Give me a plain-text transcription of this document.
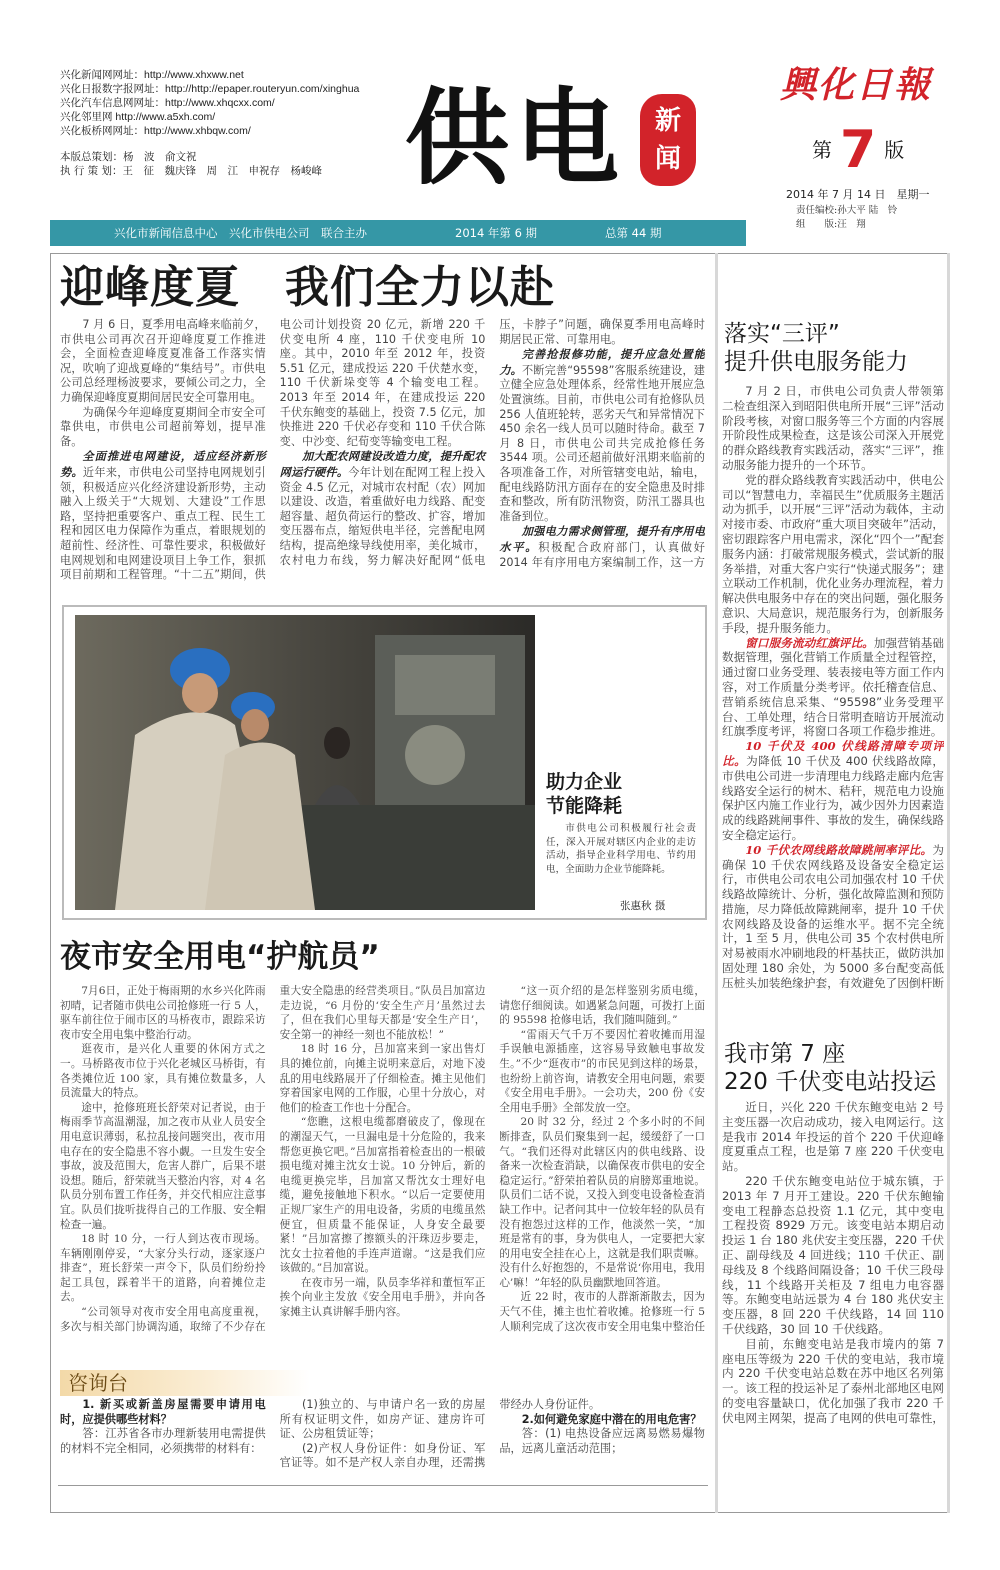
兴化新闻网网址：http://www.xhxww.net
兴化日报数字报网址：http://http://epaper.routeryun.com/xinghua
兴化汽车信息网网址：http://www.xhqcxx.com/
兴化邻里网 http://www.a5xh.com/
兴化板桥网网址：http://www.xhbqw.com/
本版总策划：杨　波　俞文祝
执 行 策 划：王　征　魏庆锋　周　江　申祝存　杨峻峰 供电	新
闻
興化日報
第 7 版
2014 年 7 月 14 日　星期一
责任编校:孙大平 陆　铃
组　　版:汪　翔
兴化市新闻信息中心　兴化市供电公司　联合主办	2014 年第 6 期	总第 44 期
迎峰度夏　我们全力以赴

7 月 6 日，夏季用电高峰来临前夕，市供电公司再次召开迎峰度夏工作推进会，全面检查迎峰度夏准备工作落实情况，吹响了迎战夏峰的“集结号”。市供电公司总经理杨波要求，要倾公司之力，全力确保迎峰度夏期间居民安全可靠用电。

为确保今年迎峰度夏期间全市安全可靠供电，市供电公司超前筹划，提早准备。

全面推进电网建设，适应经济新形势。近年来，市供电公司坚持电网规划引领，积极适应兴化经济建设新形势，主动融入上级关于“大规划、大建设”工作思路，坚持把重要客户、重点工程、民生工程和园区电力保障作为重点，着眼规划的超前性、经济性、可靠性要求，积极做好电网规划和电网建设项目上争工作，狠抓项目前期和工程管理。“十二五”期间，供电公司计划投资 20 亿元，新增 220 千伏变电所 4 座，110 千伏变电所 10 座。其中，2010 年至 2012 年，投资 5.51 亿元，建成投运 220 千伏楚水变，110 千伏新垛变等 4 个输变电工程。2013 年至 2014 年，在建成投运 220 千伏东鲍变的基础上，投资 7.5 亿元，加快推进 220 千伏必存变和 110 千伏合陈变、中沙变、纪荀变等输变电工程。

加大配农网建设改造力度，提升配农网运行硬件。今年计划在配网工程上投入资金 4.5 亿元，对城市农村配（农）网加以建设、改造，着重做好电力线路、配变超容量、超负荷运行的整改、扩容，增加变压器布点，缩短供电半径，完善配电网结构，提高绝缘导线使用率，美化城市，农村电力布线，努力解决好配网“低电压，卡脖子”问题，确保夏季用电高峰时期居民正常、可靠用电。

完善抢报修功能，提升应急处置能力。不断完善“95598”客服系统建设，建立健全应急处理体系，经常性地开展应急处置演练。目前，市供电公司有抢修队员 256 人值班轮转，恶劣天气和异常情况下 450 余名一线人员可以随时待命。截至 7 月 8 日，市供电公司共完成抢修任务 3544 项。公司还超前做好汛期来临前的各项准备工作，对所管辖变电站，输电，配电线路防汛方面存在的安全隐患及时排查和整改，所有防汛物资，防汛工器具也准备到位。

加强电力需求侧管理，提升有序用电水平。积极配合政府部门，认真做好 2014 年有序用电方案编制工作，这一方

助力企业
节能降耗
市供电公司积极履行社会责任，深入开展对辖区内企业的走访活动，指导企业科学用电、节约用电，全面助力企业节能降耗。
张惠秋 摄
夜市安全用电“护航员”

7月6日，正处于梅雨期的水乡兴化阵雨初晴，记者随市供电公司抢修班一行 5 人，驱车前往位于闹市区的马桥夜市，跟踪采访夜市安全用电集中整治行动。

逛夜市，是兴化人重要的休闲方式之一。马桥路夜市位于兴化老城区马桥街，有各类摊位近 100 家，具有摊位数量多，人员流量大的特点。

途中，抢修班班长舒荣对记者说，由于梅雨季节高温潮湿，加之夜市从业人员安全用电意识薄弱，私拉乱接问题突出，夜市用电存在的安全隐患不容小觑。一旦发生安全事故，波及范围大，危害人群广，后果不堪设想。随后，舒荣就当天整治内容，对 4 名队员分别布置工作任务，并交代相应注意事宜。队员们拢听拢得自己的工作服、安全帽检查一遍。

18 时 10 分，一行人到达夜市现场。车辆刚刚停妥，“大家分头行动，逐家逐户排查”，班长舒荣一声令下，队员们纷纷拎起工具包，踩着半干的道路，向着摊位走去。

“公司领导对夜市安全用电高度重视，多次与相关部门协调沟通，取缔了不少存在重大安全隐患的经营类项目。”队员吕加富边走边说，“6 月份的‘安全生产月’虽然过去了，但在我们心里每天都是‘安全生产日’，安全第一的神经一刻也不能放松！”

18 时 16 分，吕加富来到一家出售灯具的摊位前，向摊主说明来意后，对地下凌乱的用电线路展开了仔细检查。摊主见他们穿着国家电网的工作服，心里十分放心，对他们的检查工作也十分配合。

“您瞧，这根电缆都磨破皮了，像现在的潮湿天气，一旦漏电是十分危险的，我来帮您更换它吧。”吕加富指着检查出的一根破损电缆对摊主沈女士说。10 分钟后，新的电缆更换完毕，吕加富又帮沈女士理好电缆，避免接触地下积水。“以后一定要使用正规厂家生产的用电设备，劣质的电缆虽然便宜，但质量不能保证，人身安全最要紧！”吕加富擦了擦额头的汗珠迈步要走，沈女士拉着他的手连声道谢。“这是我们应该做的。”吕加富说。

在夜市另一端，队员李华祥和董恒军正挨个向业主发放《安全用电手册》，并向各家摊主认真讲解手册内容。

“这一页介绍的是怎样鉴别劣质电缆，请您仔细阅读。如遇紧急问题，可拨打上面的 95598 抢修电话，我们随叫随到。”

“雷雨天气千万不要因忙着收摊而用湿手误触电源插座，这容易导致触电事故发生。”不少“逛夜市”的市民见到这样的场景，也纷纷上前咨询，请教安全用电问题，索要《安全用电手册》。一会功夫，200 份《安全用电手册》全部发放一空。

20 时 32 分，经过 2 个多小时的不间断排查，队员们聚集到一起，缓缓舒了一口气。“我们还得对此辖区内的供电线路、设备来一次检查消缺，以确保夜市供电的安全稳定运行。”舒荣拍着队员的肩膀郑重地说。队员们二话不说，又投入到变电设备检查消缺工作中。记者问其中一位较年轻的队员有没有抱怨过这样的工作，他淡然一笑，“加班是常有的事，身为供电人，一定要把大家的用电安全挂在心上，这就是我们职责嘛。没有什么好抱怨的，不是常说‘你用电，我用心’嘛！”年轻的队员幽默地回答道。

近 22 时，夜市的人群渐渐散去，因为天气不佳，摊主也忙着收摊。抢修班一行 5 人顺利完成了这次夜市安全用电集中整治任

咨询台

1. 新买或新盖房屋需要申请用电时，应提供哪些材料？

答：江苏省各市办理新装用电需提供的材料不完全相同，必须携带的材料有：

(1)独立的、与申请户名一致的房屋所有权证明文件，如房产证、建房许可证、公房租赁证等；

(2)产权人身份证件：如身份证、军官证等。如不是产权人亲自办理，还需携带经办人身份证件。

2.如何避免家庭中潜在的用电危害？

答：(1) 电热设备应远离易燃易爆物品，远离儿童活动范围；

落实“三评”
提升供电服务能力

7 月 2 日，市供电公司负责人带领第二检查组深入到昭阳供电所开展“三评”活动阶段考核，对窗口服务等三个方面的内容展开阶段性成果检查，这是该公司深入开展党的群众路线教育实践活动，落实“三评”，推动服务能力提升的一个环节。

党的群众路线教育实践活动中，供电公司以“智慧电力，幸福民生”优质服务主题活动为抓手，以开展“三评”活动为载体，主动对接市委、市政府“重大项目突破年”活动，密切跟踪客户用电需求，深化“四个一”配套服务内涵：打破常规服务模式，尝试新的服务举措，对重大客户实行“快递式服务”；建立联动工作机制，优化业务办理流程，着力解决供电服务中存在的突出问题，强化服务意识、大局意识，规范服务行为，创新服务手段，提升服务能力。

窗口服务流动红旗评比。加强营销基础数据管理，强化营销工作质量全过程管控，通过窗口业务受理、装表接电等方面工作内容，对工作质量分类考评。依托稽查信息、营销系统信息采集、“95598”业务受理平台、工单处理，结合日常明查暗访开展流动红旗季度考评，将窗口各项工作稳步推进。

10 千伏及 400 伏线路清障专项评比。为降低 10 千伏及 400 伏线路故障，市供电公司进一步清理电力线路走廊内危害线路安全运行的树木、秸秆，规范电力设施保护区内施工作业行为，减少因外力因素造成的线路跳闸事件、事故的发生，确保线路安全稳定运行。

10 千伏农网线路故障跳闸率评比。为确保 10 千伏农网线路及设备安全稳定运行，市供电公司农电公司加强农村 10 千伏线路故障统计、分析，强化故障监测和预防措施，尽力降低故障跳闸率，提升 10 千伏农网线路及设备的运维水平。据不完全统计，1 至 5 月，供电公司 35 个农村供电所对易被雨水冲刷地段的杆基扶正，做防洪加固处理 180 余处，为 5000 多台配变高低压桩头加装绝缘护套，有效避免了因倒杆断

我市第 7 座
220 千伏变电站投运

近日，兴化 220 千伏东鲍变电站 2 号主变压器一次启动成功，接入电网运行。这是我市 2014 年投运的首个 220 千伏迎峰度夏重点工程，也是第 7 座 220 千伏变电站。

220 千伏东鲍变电站位于城东镇，于 2013 年 7 月开工建设。220 千伏东鲍输变电工程静态总投资 1.1 亿元，其中变电工程投资 8929 万元。该变电站本期启动投运 1 台 180 兆伏安主变压器，220 千伏正、副母线及 4 回进线；110 千伏正、副母线及 8 个线路间隔设备；10 千伏三段母线，11 个线路开关柜及 7 组电力电容器等。东鲍变电站远景为 4 台 180 兆伏安主变压器，8 回 220 千伏线路，14 回 110 千伏线路，30 回 10 千伏线路。

目前，东鲍变电站是我市境内的第 7 座电压等级为 220 千伏的变电站，我市境内 220 千伏变电站总数在苏中地区名列第一。该工程的投运补足了泰州北部地区电网的变电容量缺口，优化加强了我市 220 千伏电网主网架，提高了电网的供电可靠性，
